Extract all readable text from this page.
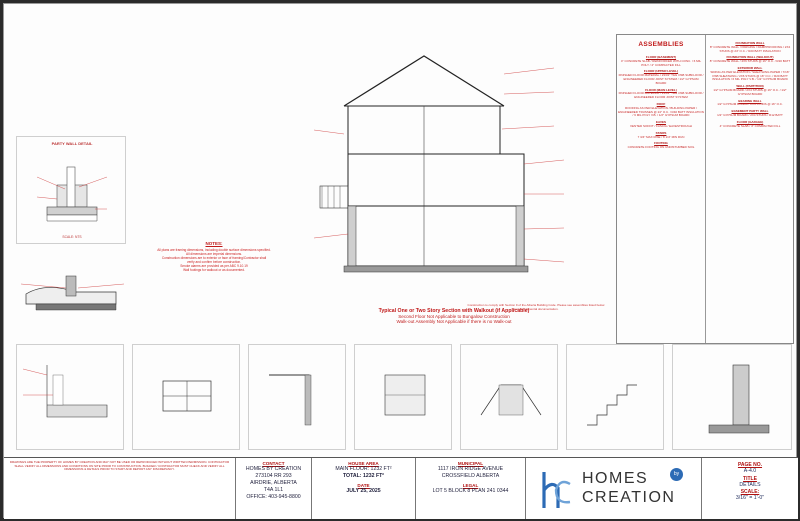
PARTY WALL DETAIL
SCALE: NTS
NOTES:
All plans are framing dimensions, including double surface dimensions specified.
All dimensions are imperial dimensions.
Construction dimensions are to exterior or face of framing/Contractor shall
verify and confirm before construction.
Smoke alarms are provided as per ABC 9.10.19
Wall footings for walkout or as documented.
Typical One or Two Story Section with Walkout (if Applicable)
Second Floor Not Applicable to Bungalow Construction
Walk-out Assembly Not Applicable if there is no Walk-out
Construction to comply with Section 9 of the Alberta Building Code. Please see assemblies listed below and supplemental documentation.
ASSEMBLIES
FLOOR (BASEMENT)
4" CONCRETE SLAB / REINFORCED WITH CONC. / 6 MIL POLY / 4" COMPACTED FILL
FLOOR (UPPER LEVEL)
FINISHED FLOOR MATERIAL / 23/32" T&G OSB SUBFLOOR / ENGINEERED FLOOR JOIST SYSTEM / 1/2" GYPSUM BOARD
FLOOR (MAIN LEVEL)
FINISHED FLOOR MATERIAL / 23/32" T&G OSB SUBFLOOR / ENGINEERED FLOOR JOIST SYSTEM
ROOF
ROOFING AS PER ELEVATION / BUILDING PAPER / ENGINEERED TRUSSES @ 24" O.C. / R40 BATT INSULATION / 6 MIL POLY V.B. / 1/2" GYPSUM BOARD
EAVES
VENTED SOFFIT / FASCIA / EAVESTROUGH
STAIRS
7 3/4" MAX RISE / 8 1/4" MIN RUN
FOOTING
CONCRETE FOOTING ON UNDISTURBED SOIL
FOUNDATION WALL
8" CONCRETE WALL / PARGING / DAMPPROOFING / 2X4 STUDS @ 24" O.C. / R20 BATT INSULATION
FOUNDATION WALL (WALKOUT)
8" CONCRETE WALL / 2X6 STUDS @ 16" O.C. / R20 BATT
EXTERIOR WALL
SIDING AS PER ELEVATION / SHEATHING PAPER / 7/16" OSB SHEATHING / 2X6 STUDS @ 16" O.C. / R20 BATT INSULATION / 6 MIL POLY V.B. / 1/2" GYPSUM BOARD
WALL (PARTITION)
1/2" GYPSUM BOARD / 2X4 STUDS @ 16" O.C. / 1/2" GYPSUM BOARD
BEARING WALL
1/2" GYPSUM BOARD / 2X4 STUDS @ 16" O.C.
BASEMENT PARTY WALL
1/2" GYPSUM BOARD / 2X4 STUDS / R12 BATT
FLOOR (GARAGE)
4" CONCRETE SLAB / 4" COMPACTED FILL
DRAWINGS ARE THE PROPERTY OF HOMES BY CREATION AND MAY NOT BE USED OR REPRODUCED WITHOUT WRITTEN PERMISSION. CONTRACTOR SHALL VERIFY ALL DIMENSIONS AND CONDITIONS ON SITE PRIOR TO CONSTRUCTION. BUILDER / CONTRACTOR MUST CHECK AND VERIFY ALL DIMENSIONS & DETAILS PRIOR TO START AND REPORT ANY DISCREPANCY.
CONTACT
HOMES BY CREATION
273104 RR 293
AIRDRIE, ALBERTA
T4A 1L1
OFFICE: 403-945-8800
HOUSE AREA
MAIN FLOOR: 1232 FT²
TOTAL: 1232 FT²
DATE
JULY 25, 2025
MUNICIPAL
1117 IRON RIDGE AVENUE
CROSSFIELD ALBERTA
LEGAL
LOT 5 BLOCK 8 PLAN 241 0344
HOMES	by
CREATION
PAGE NO.
A-4.0
TITLE
DETAILS
SCALE:
3/16" = 1'-0"
